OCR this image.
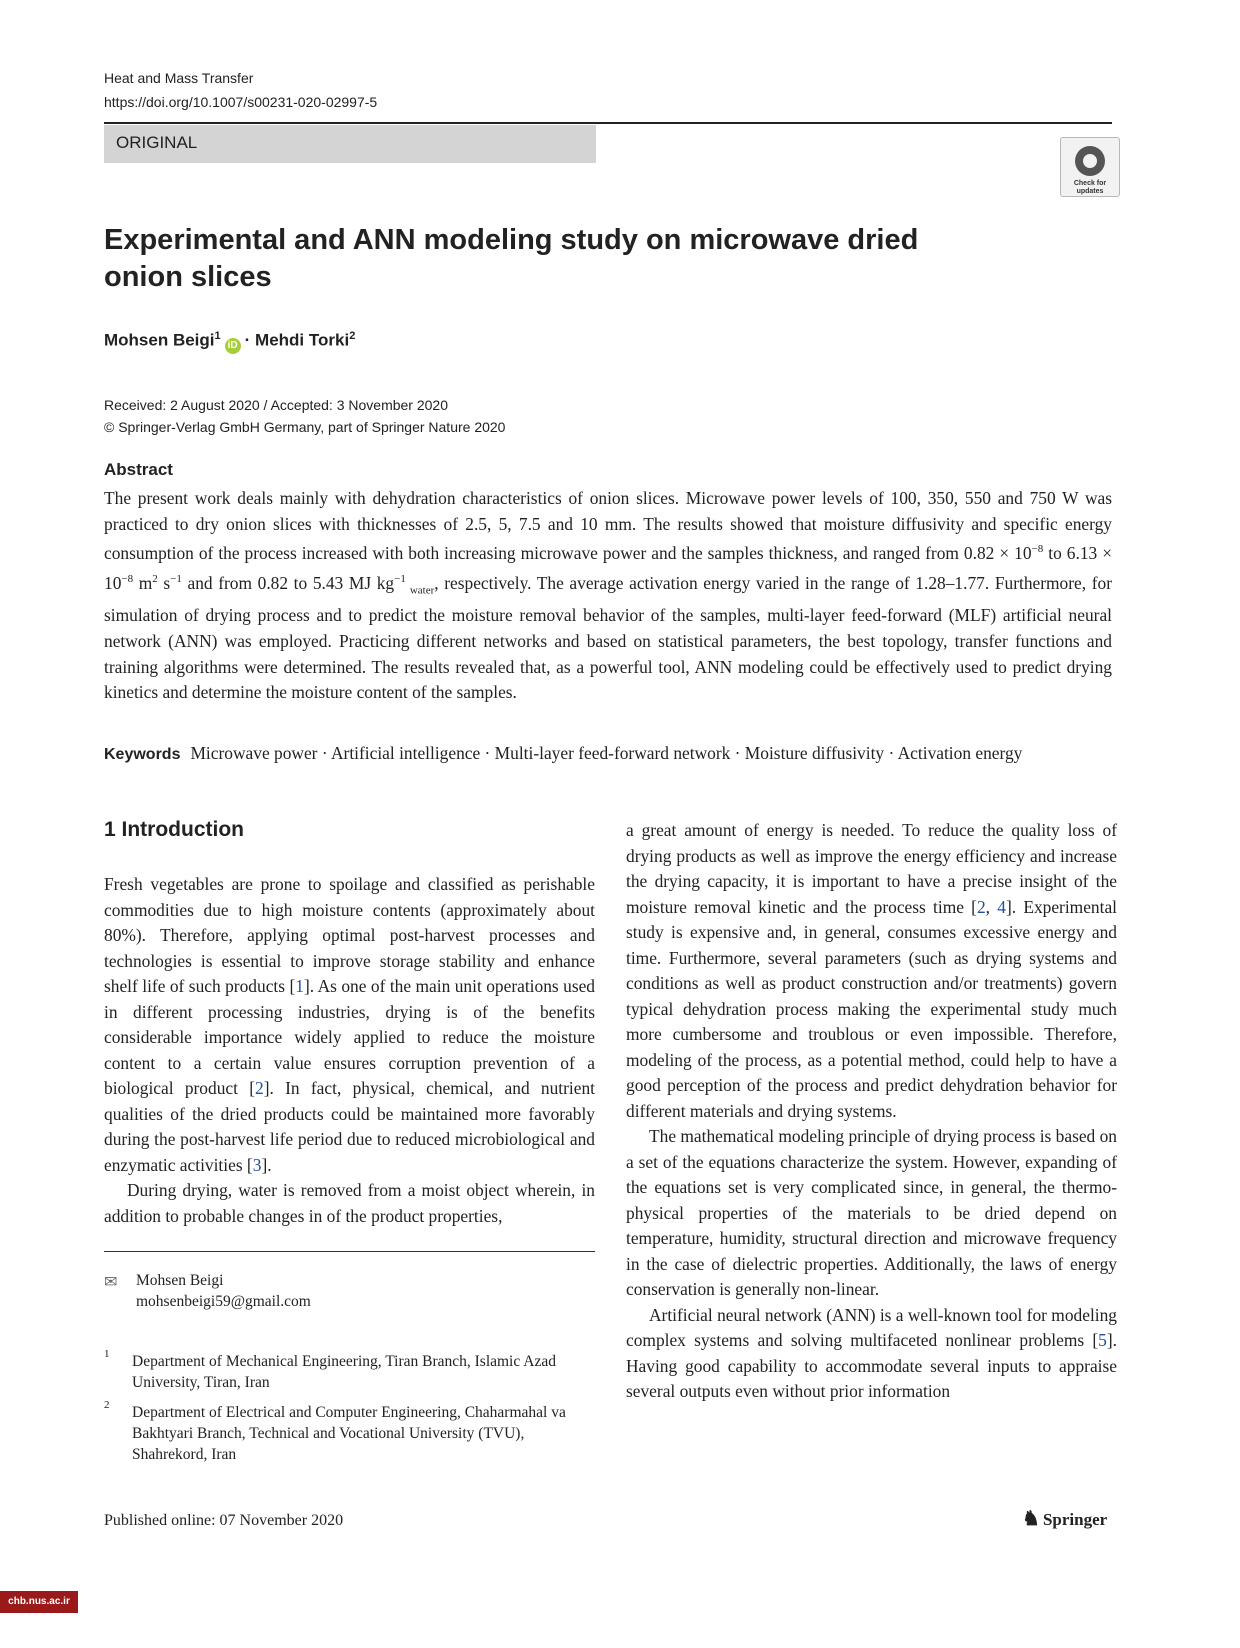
Heat and Mass Transfer
https://doi.org/10.1007/s00231-020-02997-5
ORIGINAL
Check for updates
Experimental and ANN modeling study on microwave dried
onion slices
Mohsen Beigi$^1$iD · Mehdi Torki$^2$
Received: 2 August 2020 / Accepted: 3 November 2020
© Springer-Verlag GmbH Germany, part of Springer Nature 2020
Abstract
The present work deals mainly with dehydration characteristics of onion slices. Microwave power levels of 100, 350, 550 and 750 W was practiced to dry onion slices with thicknesses of 2.5, 5, 7.5 and 10 mm. The results showed that moisture diffusivity and specific energy consumption of the process increased with both increasing microwave power and the samples thickness, and ranged from $0.82 \times 10^{-8}$ to $6.13 \times 10^{-8}$ $m^2$ $s^{-1}$ and from 0.82 to 5.43 MJ $kg^{-1}$ $_{water}$, respectively. The average activation energy varied in the range of 1.28–1.77. Furthermore, for simulation of drying process and to predict the moisture removal behavior of the samples, multi-layer feed-forward (MLF) artificial neural network (ANN) was employed. Practicing different networks and based on statistical parameters, the best topology, transfer functions and training algorithms were determined. The results revealed that, as a powerful tool, ANN modeling could be effectively used to predict drying kinetics and determine the moisture content of the samples.
Keywords Microwave power · Artificial intelligence · Multi-layer feed-forward network · Moisture diffusivity · Activation energy
1 Introduction

Fresh vegetables are prone to spoilage and classified as perishable commodities due to high moisture contents (approximately about 80%). Therefore, applying optimal post-harvest processes and technologies is essential to improve storage stability and enhance shelf life of such products [1]. As one of the main unit operations used in different processing industries, drying is of the benefits considerable importance widely applied to reduce the moisture content to a certain value ensures corruption prevention of a biological product [2]. In fact, physical, chemical, and nutrient qualities of the dried products could be maintained more favorably during the post-harvest life period due to reduced microbiological and enzymatic activities [3].

During drying, water is removed from a moist object wherein, in addition to probable changes in of the product properties,

a great amount of energy is needed. To reduce the quality loss of drying products as well as improve the energy efficiency and increase the drying capacity, it is important to have a precise insight of the moisture removal kinetic and the process time [2, 4]. Experimental study is expensive and, in general, consumes excessive energy and time. Furthermore, several parameters (such as drying systems and conditions as well as product construction and/or treatments) govern typical dehydration process making the experimental study much more cumbersome and troublous or even impossible. Therefore, modeling of the process, as a potential method, could help to have a good perception of the process and predict dehydration behavior for different materials and drying systems.

The mathematical modeling principle of drying process is based on a set of the equations characterize the system. However, expanding of the equations set is very complicated since, in general, the thermo-physical properties of the materials to be dried depend on temperature, humidity, structural direction and microwave frequency in the case of dielectric properties. Additionally, the laws of energy conservation is generally non-linear.

Artificial neural network (ANN) is a well-known tool for modeling complex systems and solving multifaceted nonlinear problems [5]. Having good capability to accommodate several inputs to appraise several outputs even without prior information

✉ Mohsen Beigi
mohsenbeigi59@gmail.com
1 Department of Mechanical Engineering, Tiran Branch, Islamic Azad University, Tiran, Iran
2 Department of Electrical and Computer Engineering, Chaharmahal va Bakhtyari Branch, Technical and Vocational University (TVU), Shahrekord, Iran
Published online: 07 November 2020	♞ Springer
chb.nus.ac.ir
